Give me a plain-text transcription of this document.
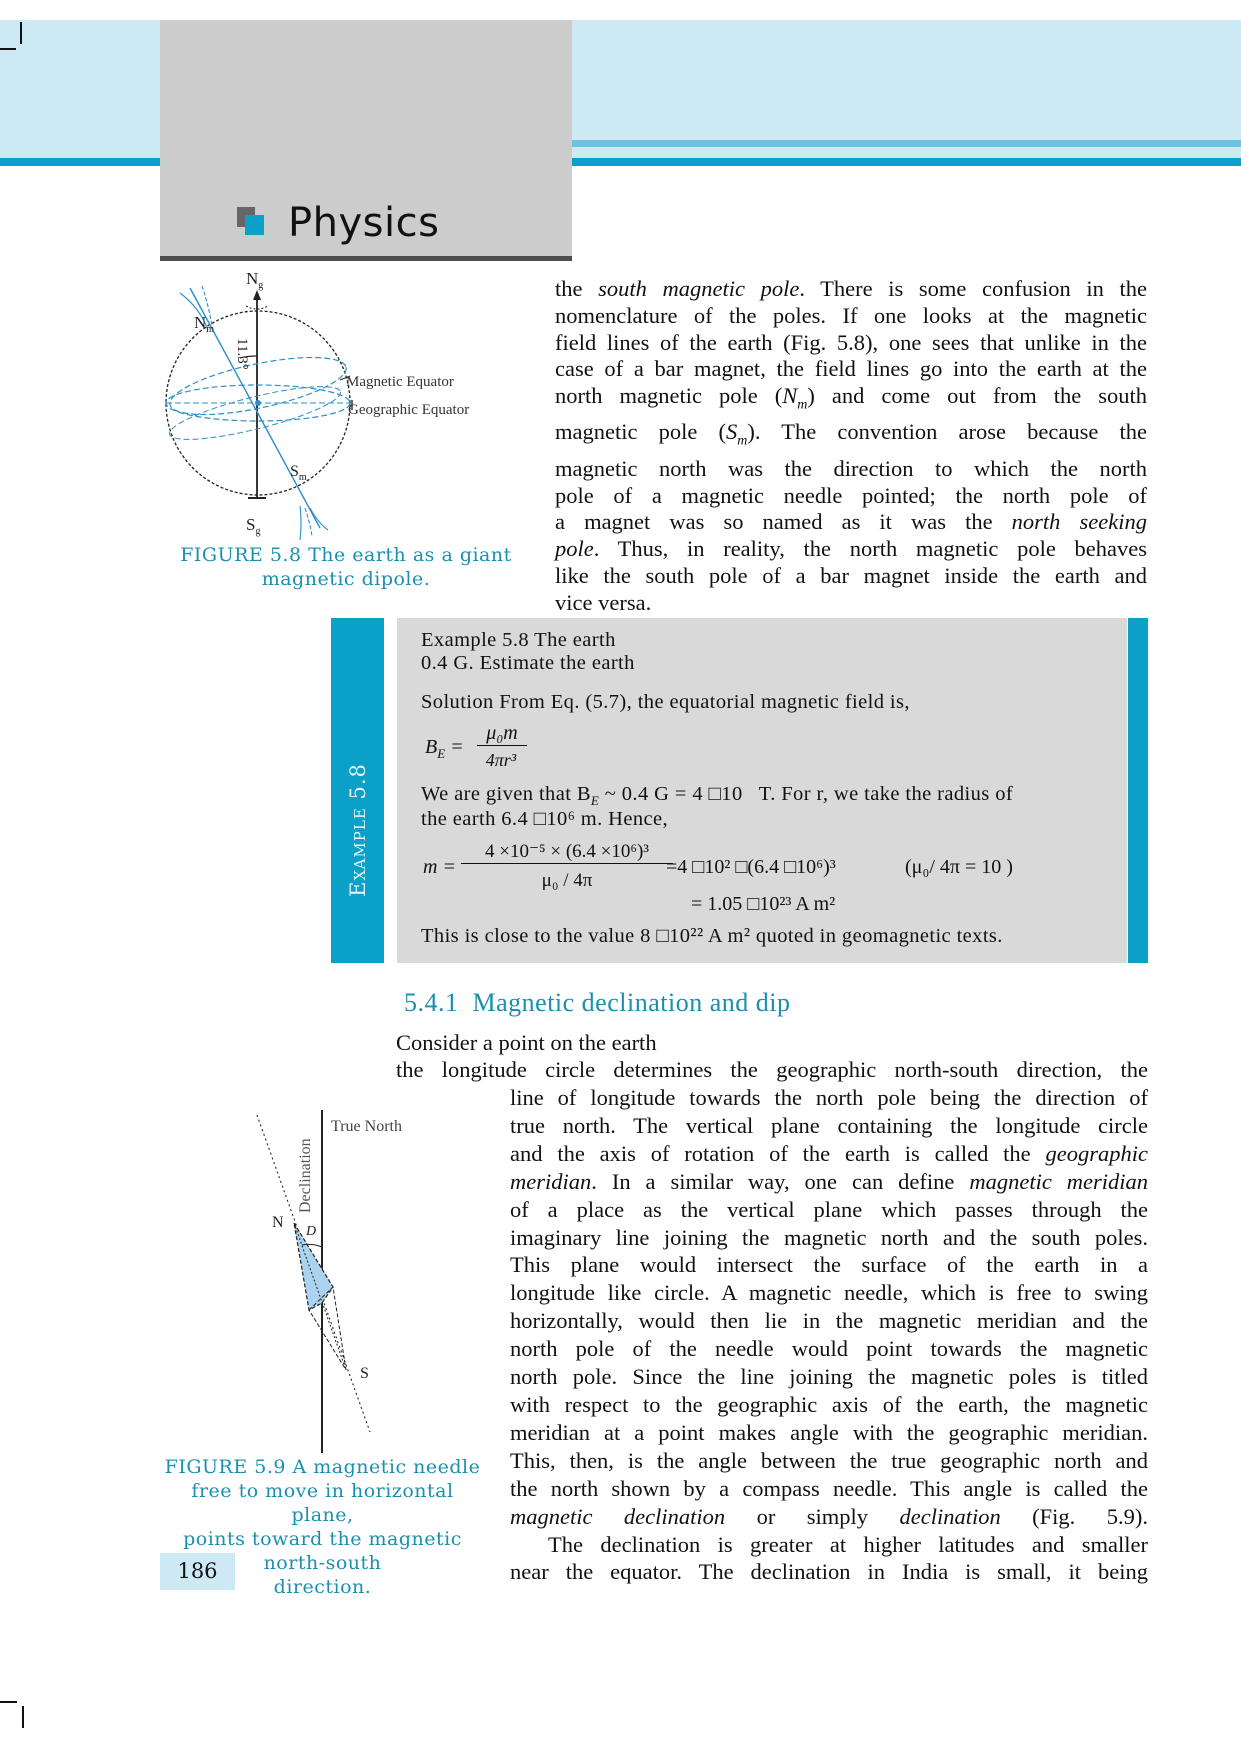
Physics
$N_g$
$N_m$
11.3°
$S_m$
$S_g$
Magnetic Equator
Geographic Equator
FIGURE 5.8 The earth as a giant
magnetic dipole.
the south magnetic pole. There is some confusion in the
nomenclature of the poles. If one looks at the magnetic
field lines of the earth (Fig. 5.8), one sees that unlike in the
case of a bar magnet, the field lines go into the earth at the
north magnetic pole $(N_m)$ and come out from the south
magnetic pole $(S_m)$. The convention arose because the
magnetic north was the direction to which the north
pole of a magnetic needle pointed; the north pole of
a magnet was so named as it was the north seeking
pole. Thus, in reality, the north magnetic pole behaves
like the south pole of a bar magnet inside the earth and
vice versa.
Example 5.8
Example 5.8 The earth
0.4 G. Estimate the earth
Solution From Eq. (5.7), the equatorial magnetic field is,
$B_E$ =
μ₀m
4πr³
We are given that $B_E$ ~ 0.4 G = 4 □10   T. For r, we take the radius of
the earth 6.4 □10⁶ m. Hence,
m =
4 ×10⁻⁵ × (6.4 ×10⁶)³
μ₀ / 4π
=4 □10² □(6.4 □10⁶)³	(μ₀/ 4π = 10 )
= 1.05 □10²³ A m²
This is close to the value 8 □10²² A m² quoted in geomagnetic texts.
5.4.1 Magnetic declination and dip
Consider a point on the earth
the longitude circle determines the geographic north-south direction, the
line of longitude towards the north pole being the direction of
true north. The vertical plane containing the longitude circle
and the axis of rotation of the earth is called the geographic
meridian. In a similar way, one can define magnetic meridian
of a place as the vertical plane which passes through the
imaginary line joining the magnetic north and the south poles.
This plane would intersect the surface of the earth in a
longitude like circle. A magnetic needle, which is free to swing
horizontally, would then lie in the magnetic meridian and the
north pole of the needle would point towards the magnetic
north pole. Since the line joining the magnetic poles is titled
with respect to the geographic axis of the earth, the magnetic
meridian at a point makes angle with the geographic meridian.
This, then, is the angle between the true geographic north and
the north shown by a compass needle. This angle is called the
magnetic declination or simply declination (Fig. 5.9).
The declination is greater at higher latitudes and smaller
near the equator. The declination in India is small, it being
True North
Declination
N
D
S
FIGURE 5.9 A magnetic needle
free to move in horizontal plane,
points toward the magnetic
north-south
direction.
186
